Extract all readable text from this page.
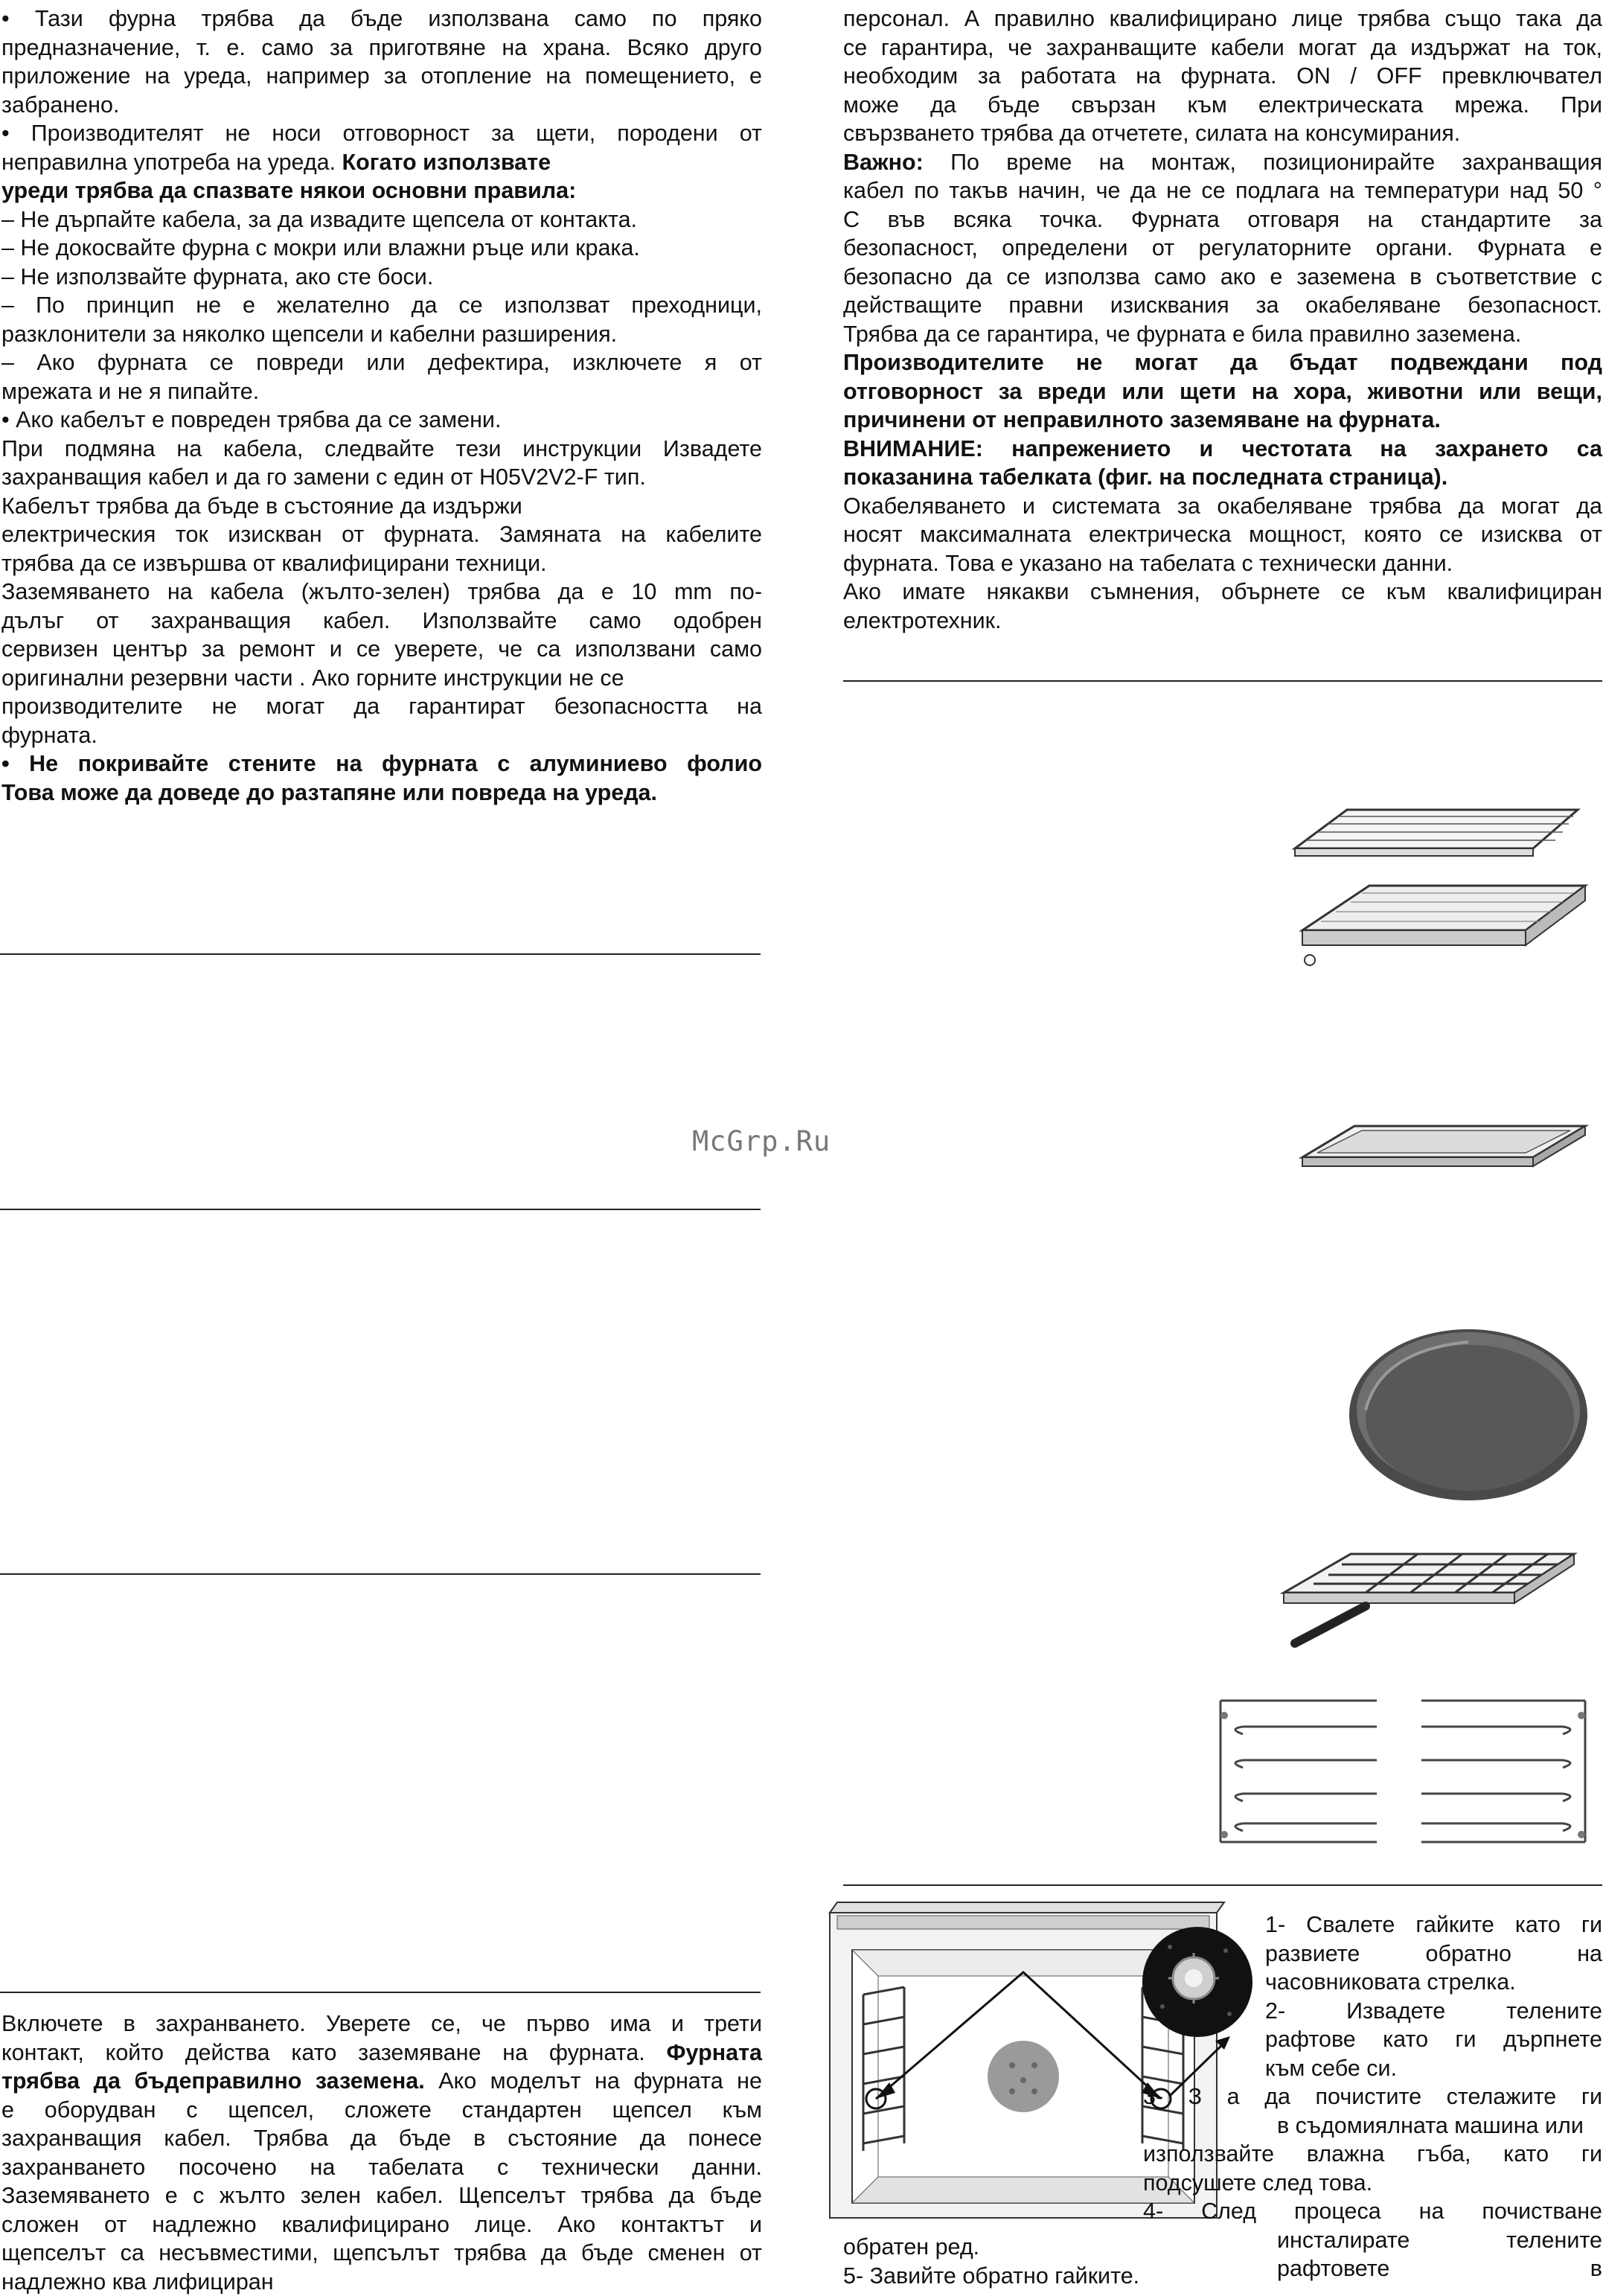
• Тази фурна трябва да бъде използвана само по пряко

предназначение, т. е. само за приготвяне на храна. Всяко друго

приложение на уреда, например за отопление на помещението, е

забранено.

• Производителят не носи отговорност за щети, породени от

неправилна употреба на уреда. Когато използвате

уреди трябва да спазвате някои основни правила:

– Не дърпайте кабела, за да извадите щепсела от контакта.

– Не докосвайте фурна с мокри или влажни ръце или крака.

– Не използвайте фурната, ако сте боси.

– По принцип не е желателно да се използват преходници,

разклонители за няколко щепсели и кабелни разширения.

– Ако фурната се повреди или дефектира, изключете я от

мрежата и не я пипайте.

• Ако кабелът е повреден трябва да се замени.

При подмяна на кабела, следвайте тези инструкции Извадете

захранващия кабел и да го замени с един от H05V2V2-F тип.

Кабелът трябва да бъде в състояние да издържи

електрическия ток изискван от фурната. Замяната на кабелите

трябва да се извършва от квалифицирани техници.

Заземяването на кабела (жълто-зелен) трябва да е 10 mm по-

дълъг от захранващия кабел. Използвайте само одобрен

сервизен център за ремонт и се уверете, че са използвани само

оригинални резервни части . Ако горните инструкции не се

производителите не могат да гарантират безопасността на

фурната.

• Не покривайте стените на фурната с алуминиево фолио

Това може да доведе до разтапяне или повреда на уреда.

Включете в захранването. Уверете се, че първо има и трети

контакт, който действа като заземяване на фурната. Фурната

трябва да бъдеправилно заземена. Ако моделът на фурната не

е оборудван с щепсел, сложете стандартен щепсел към

захранващия кабел. Трябва да бъде в състояние да понесе

захранването посочено на табелата с технически данни.

Заземяването е с жълто зелен кабел. Щепселът трябва да бъде

сложен от надлежно квалифицирано лице. Ако контактът и

щепселът са несъвместими, щепсълът трябва да бъде сменен от

надлежно ква лифициран

персонал. А правилно квалифицирано лице трябва също така да

се гарантира, че захранващите кабели могат да издържат на ток,

необходим за работата на фурната. ON / OFF превключвател

може да бъде свързан към електрическата мрежа. При

свързването трябва да отчетете, силата на консумирания.

Важно: По време на монтаж, позиционирайте захранващия

кабел по такъв начин, че да не се подлага на температури над 50 °

С във всяка точка. Фурната отговаря на стандартите за

безопасност, определени от регулаторните органи. Фурната е

безопасно да се използва само ако е заземена в съответствие с

действащите правни изисквания за окабеляване безопасност.

Трябва да се гарантира, че фурната е била правилно заземена.

Производителите не могат да бъдат подвеждани под

отговорност за вреди или щети на хора, животни или вещи,

причинени от неправилното заземяване на фурната.

ВНИМАНИЕ: напрежението и честотата на захрането са

показанина табелката (фиг. на последната страница).

Окабеляването и системата за окабеляване трябва да могат да

носят максималната електрическа мощност, която се изисква от

фурната. Това е указано на табелата с технически данни.

Ако имате някакви съмнения, обърнете се към квалифициран

електротехник.

McGrp.Ru

1- Свалете гайките като ги

развиете обратно на

часовниковата стрелка.

2- Извадете телените

рафтове като ги дърпнете

към себе си.

3- З а да почистите стелажите ги

в съдомиялната машина или

използвайте влажна гъба, като ги

подсушете след това.

4- След процеса на почистване

инсталирате телените рафтовете в

обратен ред.

5- Завийте обратно гайките.
